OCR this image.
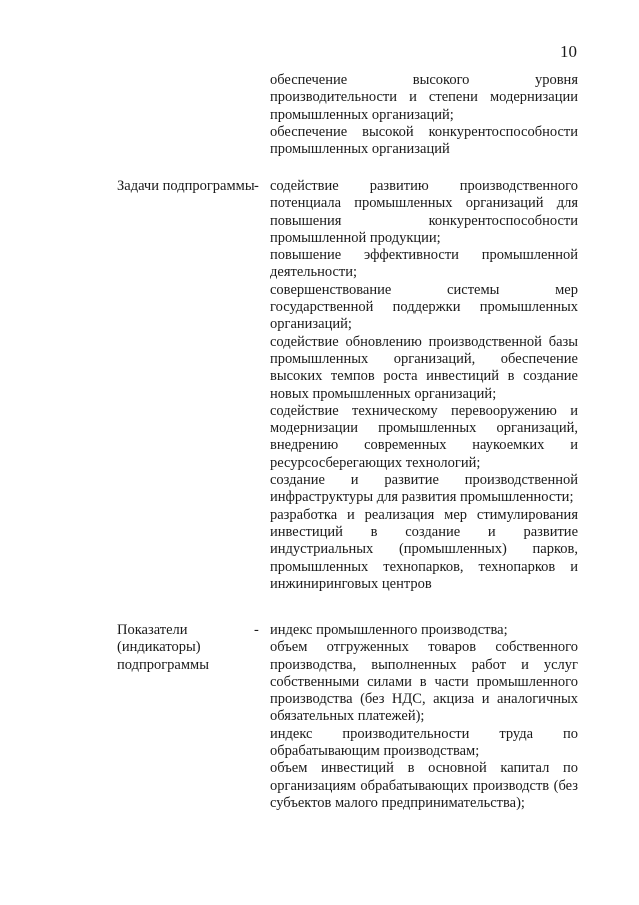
10

обеспечение высокого уровня производительности и степени модернизации промышленных организаций;

обеспечение высокой конкурентоспособности промышленных организаций

Задачи подпрограммы - содействие развитию производственного потенциала промышленных организаций для повышения конкурентоспособности промышленной продукции;

повышение эффективности промышленной деятельности;

совершенствование системы мер государственной поддержки промышленных организаций;

содействие обновлению производственной базы промышленных организаций, обеспечение высоких темпов роста инвестиций в создание новых промышленных организаций;

содействие техническому перевооружению и модернизации промышленных организаций, внедрению современных наукоемких и ресурсосберегающих технологий;

создание и развитие производственной инфраструктуры для развития промышленности;

разработка и реализация мер стимулирования инвестиций в создание и развитие индустриальных (промышленных) парков, промышленных технопарков, технопарков и инжиниринговых центров

Показатели (индикаторы) подпрограммы
- индекс промышленного производства;

объем отгруженных товаров собственного производства, выполненных работ и услуг собственными силами в части промышленного производства (без НДС, акциза и аналогичных обязательных платежей);

индекс производительности труда по обрабатывающим производствам;

объем инвестиций в основной капитал по организациям обрабатывающих производств (без субъектов малого предпринимательства);
